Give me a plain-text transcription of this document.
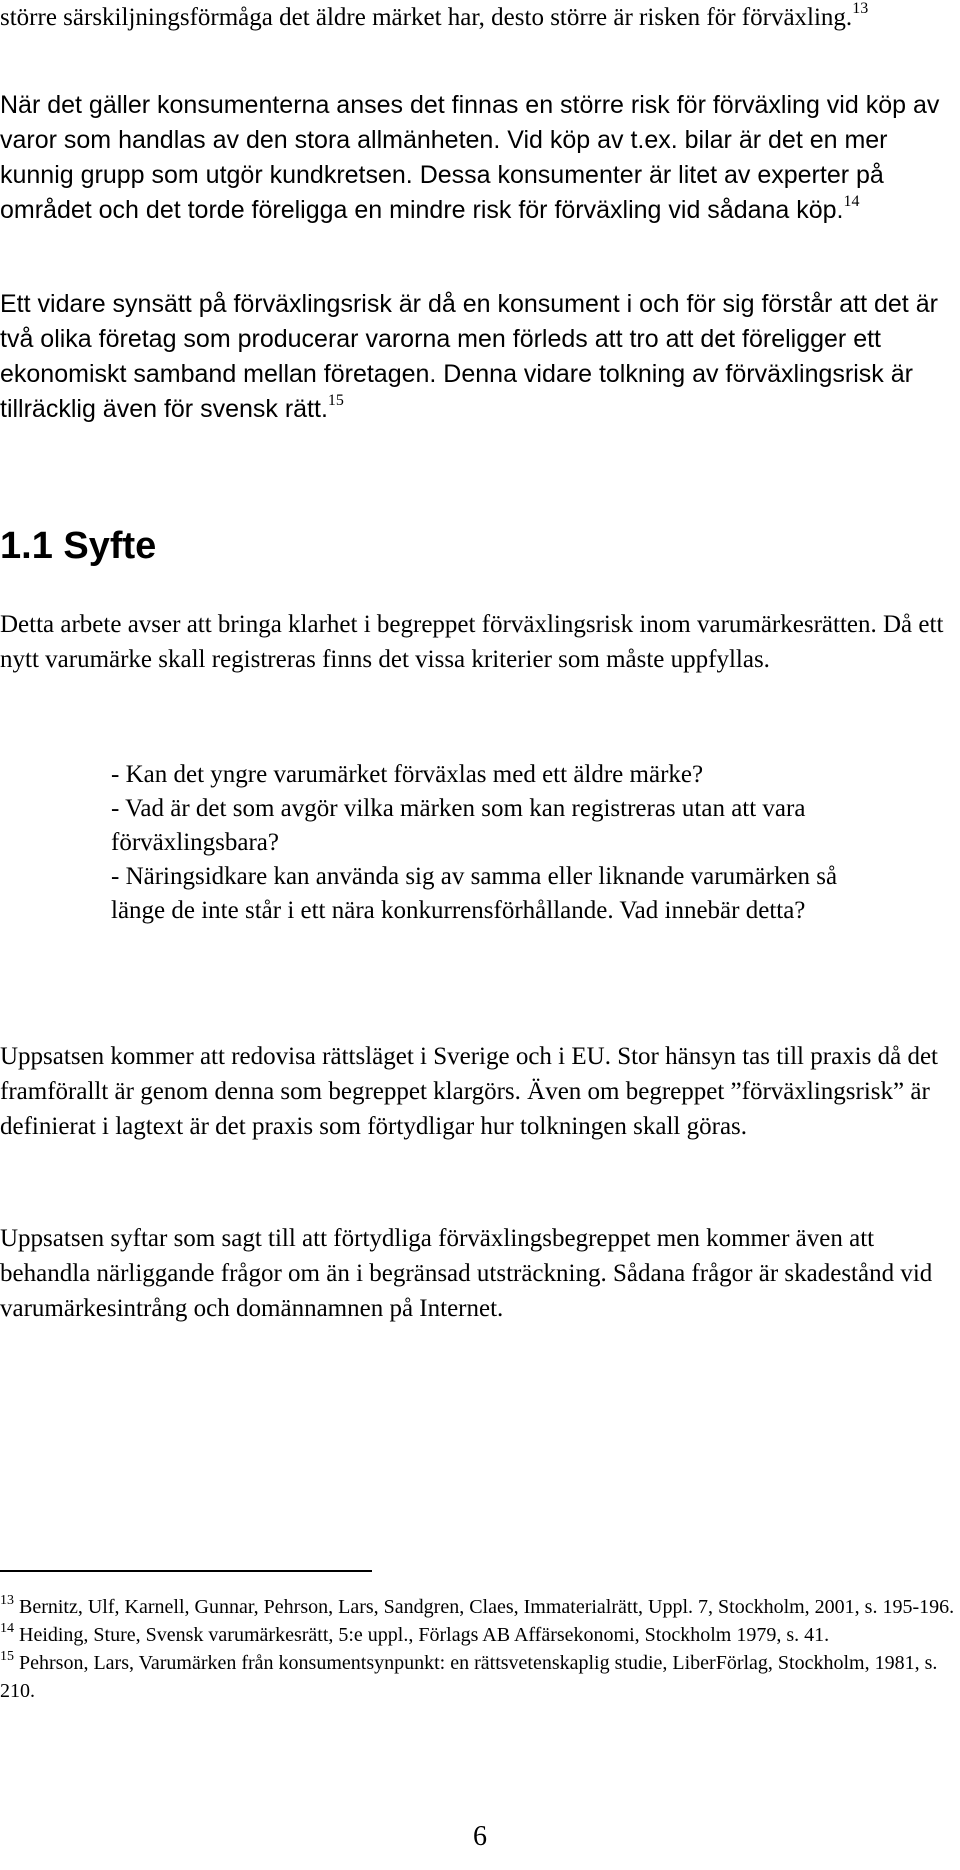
större särskiljningsförmåga det äldre märket har, desto större är risken för förväxling.$^{13}$

När det gäller konsumenterna anses det finnas en större risk för förväxling vid köp av varor som handlas av den stora allmänheten. Vid köp av t.ex. bilar är det en mer kunnig grupp som utgör kundkretsen. Dessa konsumenter är litet av experter på området och det torde föreligga en mindre risk för förväxling vid sådana köp.$^{14}$

Ett vidare synsätt på förväxlingsrisk är då en konsument i och för sig förstår att det är två olika företag som producerar varorna men förleds att tro att det föreligger ett ekonomiskt samband mellan företagen. Denna vidare tolkning av förväxlingsrisk är tillräcklig även för svensk rätt.$^{15}$

1.1 Syfte

Detta arbete avser att bringa klarhet i begreppet förväxlingsrisk inom varumärkesrätten. Då ett nytt varumärke skall registreras finns det vissa kriterier som måste uppfyllas.

- Kan det yngre varumärket förväxlas med ett äldre märke?
- Vad är det som avgör vilka märken som kan registreras utan att vara förväxlingsbara?
- Näringsidkare kan använda sig av samma eller liknande varumärken så länge de inte står i ett nära konkurrensförhållande. Vad innebär detta?

Uppsatsen kommer att redovisa rättsläget i Sverige och i EU. Stor hänsyn tas till praxis då det framförallt är genom denna som begreppet klargörs. Även om begreppet ”förväxlingsrisk” är definierat i lagtext är det praxis som förtydligar hur tolkningen skall göras.

Uppsatsen syftar som sagt till att förtydliga förväxlingsbegreppet men kommer även att behandla närliggande frågor om än i begränsad utsträckning. Sådana frågor är skadestånd vid varumärkesintrång och domännamnen på Internet.

$^{13}$ Bernitz, Ulf, Karnell, Gunnar, Pehrson, Lars, Sandgren, Claes, Immaterialrätt, Uppl. 7, Stockholm, 2001, s. 195-196.

$^{14}$ Heiding, Sture, Svensk varumärkesrätt, 5:e uppl., Förlags AB Affärsekonomi, Stockholm 1979, s. 41.

$^{15}$ Pehrson, Lars, Varumärken från konsumentsynpunkt: en rättsvetenskaplig studie, LiberFörlag, Stockholm, 1981, s. 210.

6
